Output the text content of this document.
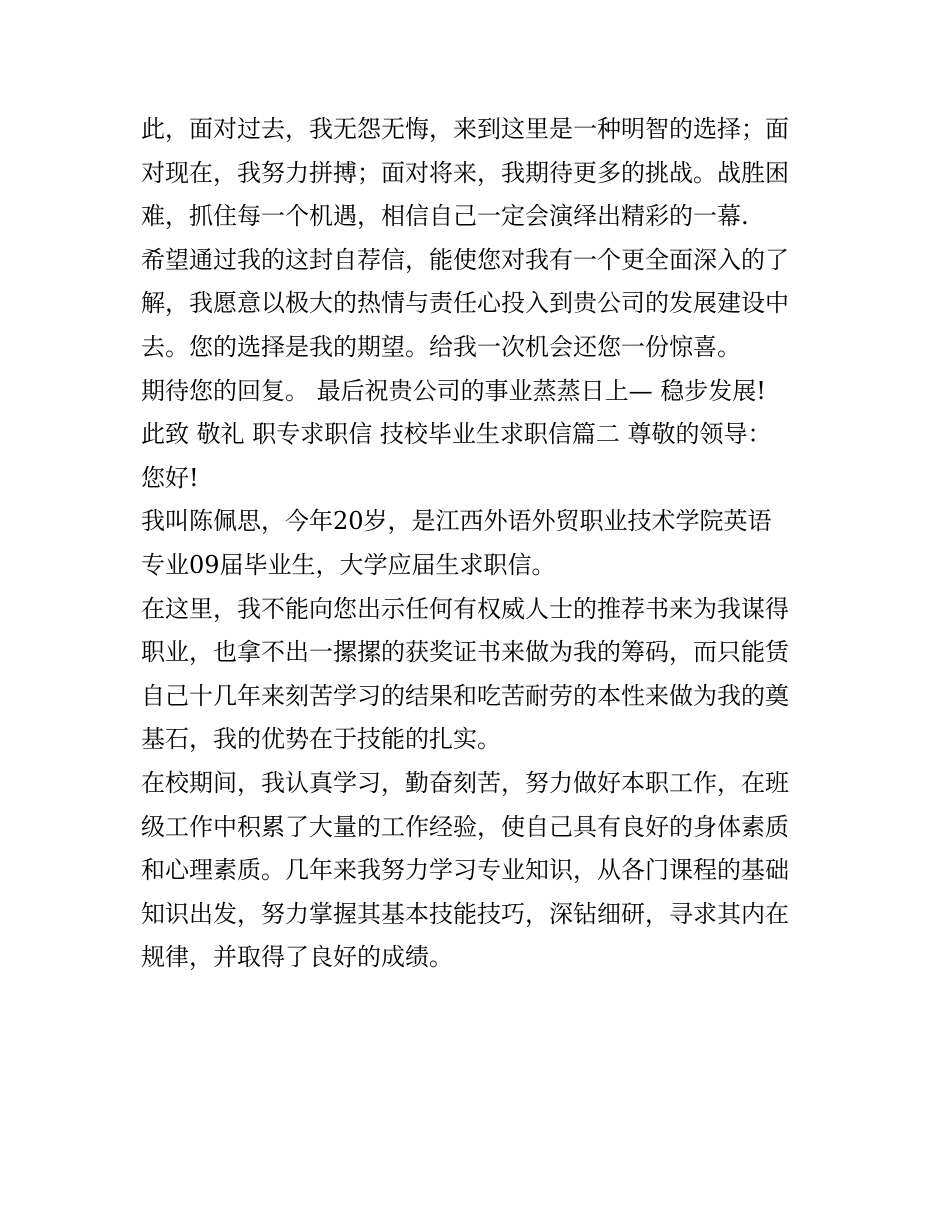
此，面对过去，我无怨无悔，来到这里是一种明智的选择；面
对现在，我努力拼搏；面对将来，我期待更多的挑战。战胜困
难，抓住每一个机遇，相信自己一定会演绎出精彩的一幕.
希望通过我的这封自荐信，能使您对我有一个更全面深入的了
解，我愿意以极大的热情与责任心投入到贵公司的发展建设中
去。您的选择是我的期望。给我一次机会还您一份惊喜。
期待您的回复。 最后祝贵公司的事业蒸蒸日上— 稳步发展!
此致 敬礼 职专求职信 技校毕业生求职信篇二 尊敬的领导：
您好!
我叫陈佩思，今年20岁，是江西外语外贸职业技术学院英语
专业09届毕业生，大学应届生求职信。
在这里，我不能向您出示任何有权威人士的推荐书来为我谋得
职业，也拿不出一摞摞的获奖证书来做为我的筹码，而只能赁
自己十几年来刻苦学习的结果和吃苦耐劳的本性来做为我的奠
基石，我的优势在于技能的扎实。
在校期间，我认真学习，勤奋刻苦，努力做好本职工作，在班
级工作中积累了大量的工作经验，使自己具有良好的身体素质
和心理素质。几年来我努力学习专业知识，从各门课程的基础
知识出发，努力掌握其基本技能技巧，深钻细研，寻求其内在
规律，并取得了良好的成绩。
